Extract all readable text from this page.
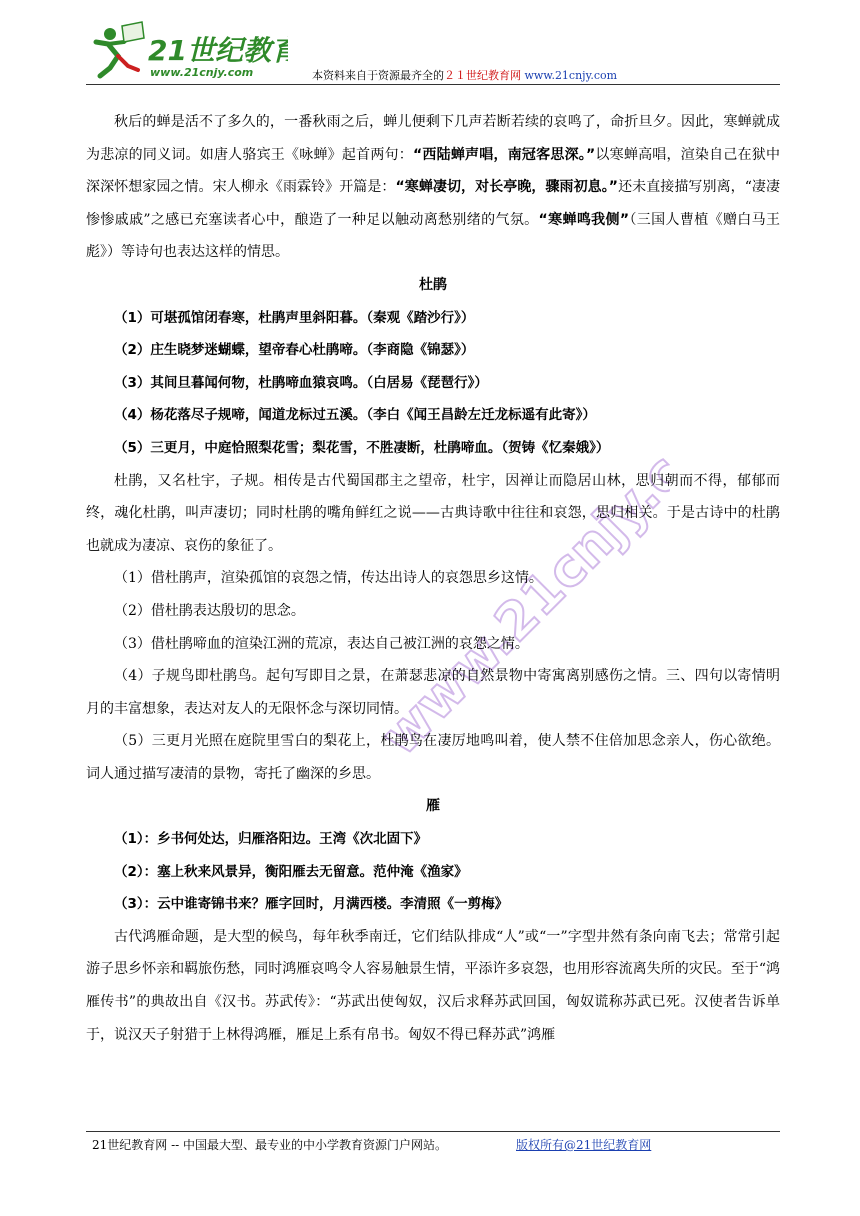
21世纪教育
www.21cnjy.com	本资料来自于资源最齐全的２１世纪教育网 www.21cnjy.com
www.21cnjy.com

秋后的蝉是活不了多久的，一番秋雨之后，蝉儿便剩下几声若断若续的哀鸣了，命折旦夕。因此，寒蝉就成为悲凉的同义词。如唐人骆宾王《咏蝉》起首两句：“西陆蝉声唱，南冠客思深。”以寒蝉高唱，渲染自己在狱中深深怀想家园之情。宋人柳永《雨霖铃》开篇是：“寒蝉凄切，对长亭晚，骤雨初息。”还未直接描写别离，“凄凄惨惨戚戚”之感已充塞读者心中，酿造了一种足以触动离愁别绪的气氛。“寒蝉鸣我侧”（三国人曹植《赠白马王彪》）等诗句也表达这样的情思。

杜鹃

（1）可堪孤馆闭春寒，杜鹃声里斜阳暮。（秦观《踏沙行》）

（2）庄生晓梦迷蝴蝶，望帝春心杜鹃啼。（李商隐《锦瑟》）

（3）其间旦暮闻何物，杜鹃啼血猿哀鸣。（白居易《琵琶行》）

（4）杨花落尽子规啼，闻道龙标过五溪。（李白《闻王昌龄左迁龙标遥有此寄》）

（5）三更月，中庭恰照梨花雪；梨花雪，不胜凄断，杜鹃啼血。（贺铸《忆秦娥》）

杜鹃，又名杜宇，子规。相传是古代蜀国郡主之望帝，杜宇，因禅让而隐居山林，思归朝而不得，郁郁而终，魂化杜鹃，叫声凄切；同时杜鹃的嘴角鲜红之说——古典诗歌中往往和哀怨，思归相关。于是古诗中的杜鹃也就成为凄凉、哀伤的象征了。

（1）借杜鹃声，渲染孤馆的哀怨之情，传达出诗人的哀怨思乡这情。

（2）借杜鹃表达殷切的思念。

（3）借杜鹃啼血的渲染江洲的荒凉，表达自己被江洲的哀怨之情。

（4）子规鸟即杜鹃鸟。起句写即目之景，在萧瑟悲凉的自然景物中寄寓离别感伤之情。三、四句以寄情明月的丰富想象，表达对友人的无限怀念与深切同情。

（5）三更月光照在庭院里雪白的梨花上，杜鹃鸟在凄厉地鸣叫着，使人禁不住倍加思念亲人，伤心欲绝。词人通过描写凄清的景物，寄托了幽深的乡思。

雁

（1）：乡书何处达，归雁洛阳边。王湾《次北固下》

（2）：塞上秋来风景异，衡阳雁去无留意。范仲淹《渔家》

（3）：云中谁寄锦书来？雁字回时，月满西楼。李清照《一剪梅》

古代鸿雁命题，是大型的候鸟，每年秋季南迁，它们结队排成“人”或“一”字型井然有条向南飞去；常常引起游子思乡怀亲和羁旅伤愁，同时鸿雁哀鸣令人容易触景生情，平添许多哀怨，也用形容流离失所的灾民。至于“鸿雁传书”的典故出自《汉书。苏武传》：“苏武出使匈奴，汉后求释苏武回国，匈奴谎称苏武已死。汉使者告诉单于，说汉天子射猎于上林得鸿雁，雁足上系有帛书。匈奴不得已释苏武”鸿雁

21世纪教育网 -- 中国最大型、最专业的中小学教育资源门户网站。	版权所有@21世纪教育网
